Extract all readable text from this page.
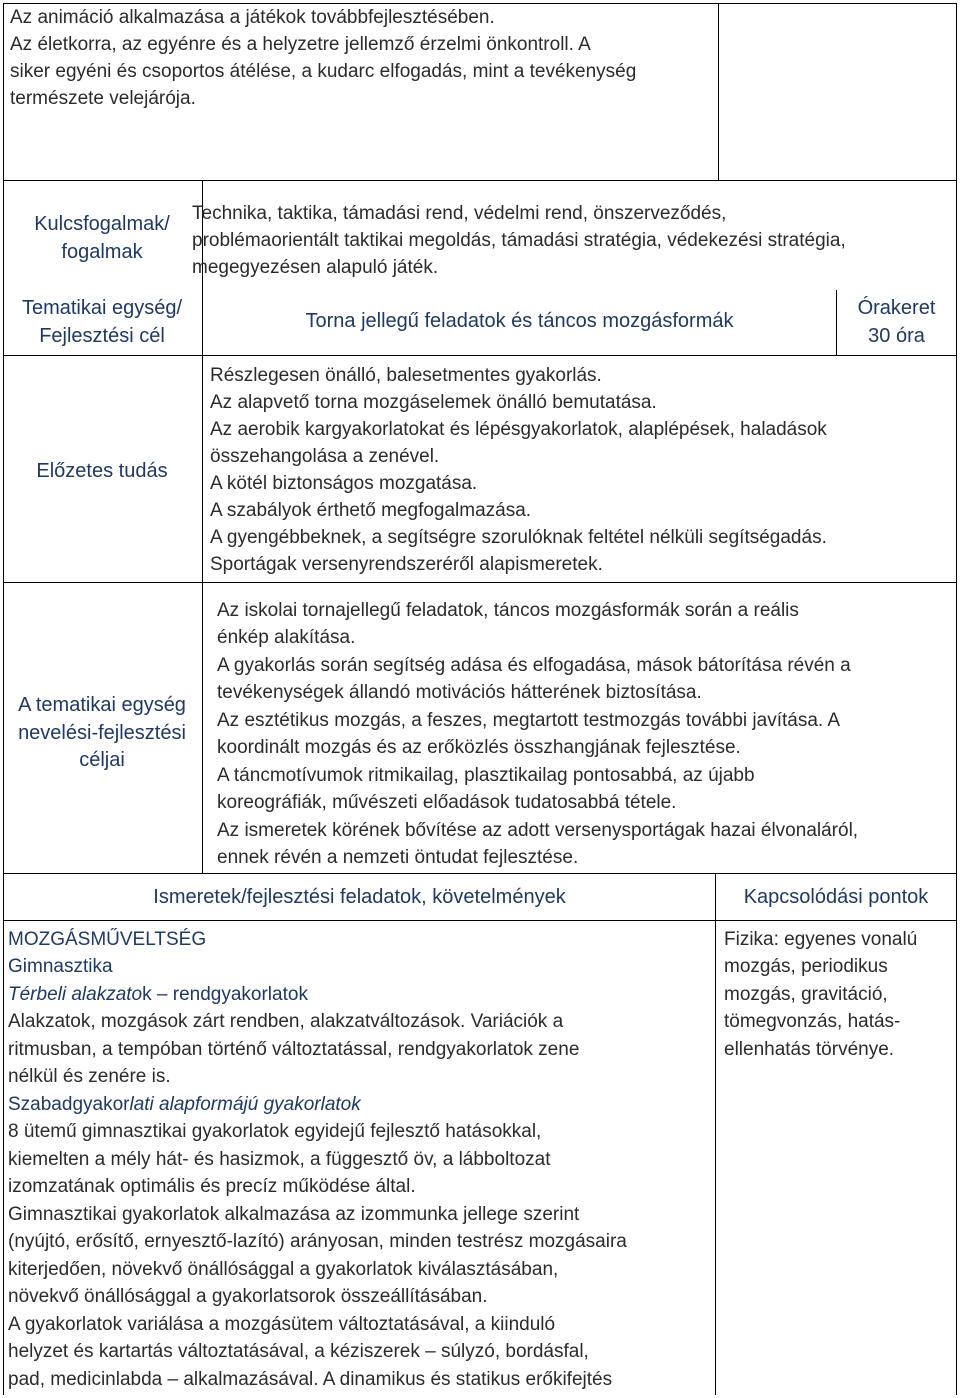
Az animáció alkalmazása a játékok továbbfejlesztésében.
Az életkorra, az egyénre és a helyzetre jellemző érzelmi önkontroll. A
siker egyéni és csoportos átélése, a kudarc elfogadás, mint a tevékenység
természete velejárója.
Kulcsfogalmak/
fogalmak
Technika, taktika, támadási rend, védelmi rend, önszerveződés,
problémaorientált taktikai megoldás, támadási stratégia, védekezési stratégia,
megegyezésen alapuló játék.
Tematikai egység/
Fejlesztési cél
Torna jellegű feladatok és táncos mozgásformák
Órakeret
30 óra
Előzetes tudás
Részlegesen önálló, balesetmentes gyakorlás.
Az alapvető torna mozgáselemek önálló bemutatása.
Az aerobik kargyakorlatokat és lépésgyakorlatok, alaplépések, haladások
összehangolása a zenével.
A kötél biztonságos mozgatása.
A szabályok érthető megfogalmazása.
A gyengébbeknek, a segítségre szorulóknak feltétel nélküli segítségadás.
Sportágak versenyrendszeréről alapismeretek.
A tematikai egység
nevelési-fejlesztési
céljai
Az iskolai tornajellegű feladatok, táncos mozgásformák során a reális
énkép alakítása.
A gyakorlás során segítség adása és elfogadása, mások bátorítása révén a
tevékenységek állandó motivációs hátterének biztosítása.
Az esztétikus mozgás, a feszes, megtartott testmozgás további javítása. A
koordinált mozgás és az erőközlés összhangjának fejlesztése.
A táncmotívumok ritmikailag, plasztikailag pontosabbá, az újabb
koreográfiák, művészeti előadások tudatosabbá tétele.
Az ismeretek körének bővítése az adott versenysportágak hazai élvonaláról,
ennek révén a nemzeti öntudat fejlesztése.
Ismeretek/fejlesztési feladatok, követelmények	Kapcsolódási pontok
MOZGÁSMŰVELTSÉG
Gimnasztika
Térbeli alakzatok – rendgyakorlatok
Alakzatok, mozgások zárt rendben, alakzatváltozások. Variációk a
ritmusban, a tempóban történő változtatással, rendgyakorlatok zene
nélkül és zenére is.
Szabadgyakorlati alapformájú gyakorlatok
8 ütemű gimnasztikai gyakorlatok egyidejű fejlesztő hatásokkal,
kiemelten a mély hát- és hasizmok, a függesztő öv, a lábboltozat
izomzatának optimális és precíz működése által.
Gimnasztikai gyakorlatok alkalmazása az izommunka jellege szerint
(nyújtó, erősítő, ernyesztő-lazító) arányosan, minden testrész mozgásaira
kiterjedően, növekvő önállósággal a gyakorlatok kiválasztásában,
növekvő önállósággal a gyakorlatsorok összeállításában.
A gyakorlatok variálása a mozgásütem változtatásával, a kiinduló
helyzet és kartartás változtatásával, a kéziszerek – súlyzó, bordásfal,
pad, medicinlabda – alkalmazásával. A dinamikus és statikus erőkifejtés
Fizika: egyenes vonalú
mozgás, periodikus
mozgás, gravitáció,
tömegvonzás, hatás-
ellenhatás törvénye.
